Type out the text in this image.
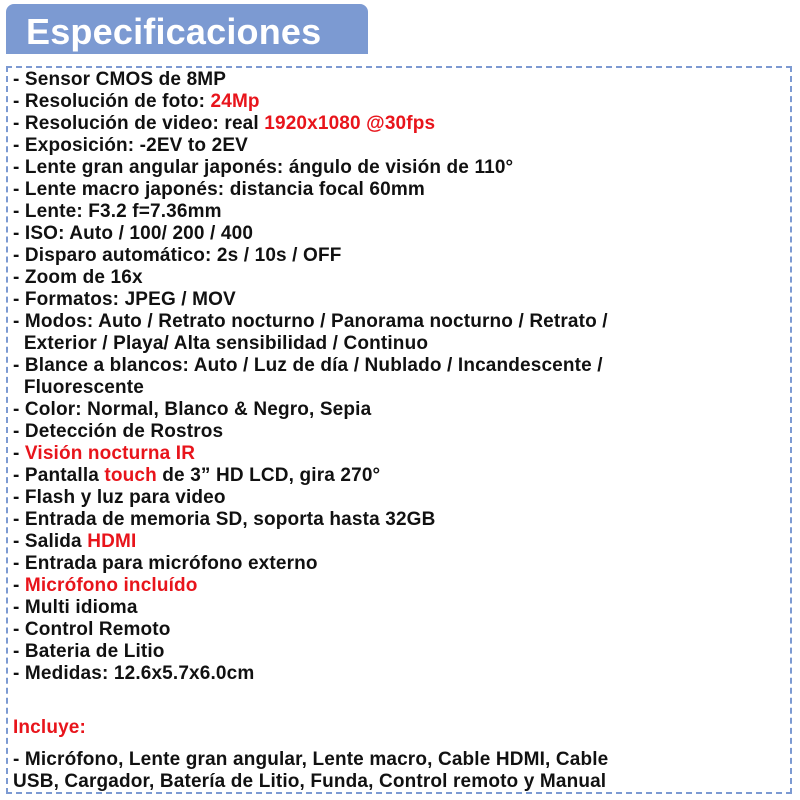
Especificaciones
- Sensor CMOS de 8MP
- Resolución de foto: 24Mp
- Resolución de video: real 1920x1080 @30fps
- Exposición: -2EV to 2EV
- Lente gran angular japonés: ángulo de visión de 110°
- Lente macro japonés: distancia focal 60mm
- Lente: F3.2 f=7.36mm
- ISO: Auto / 100/ 200 / 400
- Disparo automático: 2s / 10s / OFF
- Zoom de 16x
- Formatos: JPEG / MOV
- Modos: Auto / Retrato nocturno / Panorama nocturno / Retrato /
Exterior / Playa/ Alta sensibilidad / Continuo
- Blance a blancos: Auto / Luz de día / Nublado / Incandescente /
Fluorescente
- Color: Normal, Blanco & Negro, Sepia
- Detección de Rostros
- Visión nocturna IR
- Pantalla touch de 3” HD LCD, gira 270°
- Flash y luz para video
- Entrada de memoria SD, soporta hasta 32GB
- Salida HDMI
- Entrada para micrófono externo
- Micrófono incluído
- Multi idioma
- Control Remoto
- Bateria de Litio
- Medidas: 12.6x5.7x6.0cm
Incluye:
- Micrófono, Lente gran angular, Lente macro, Cable HDMI, Cable
USB, Cargador, Batería de Litio, Funda, Control remoto y Manual
